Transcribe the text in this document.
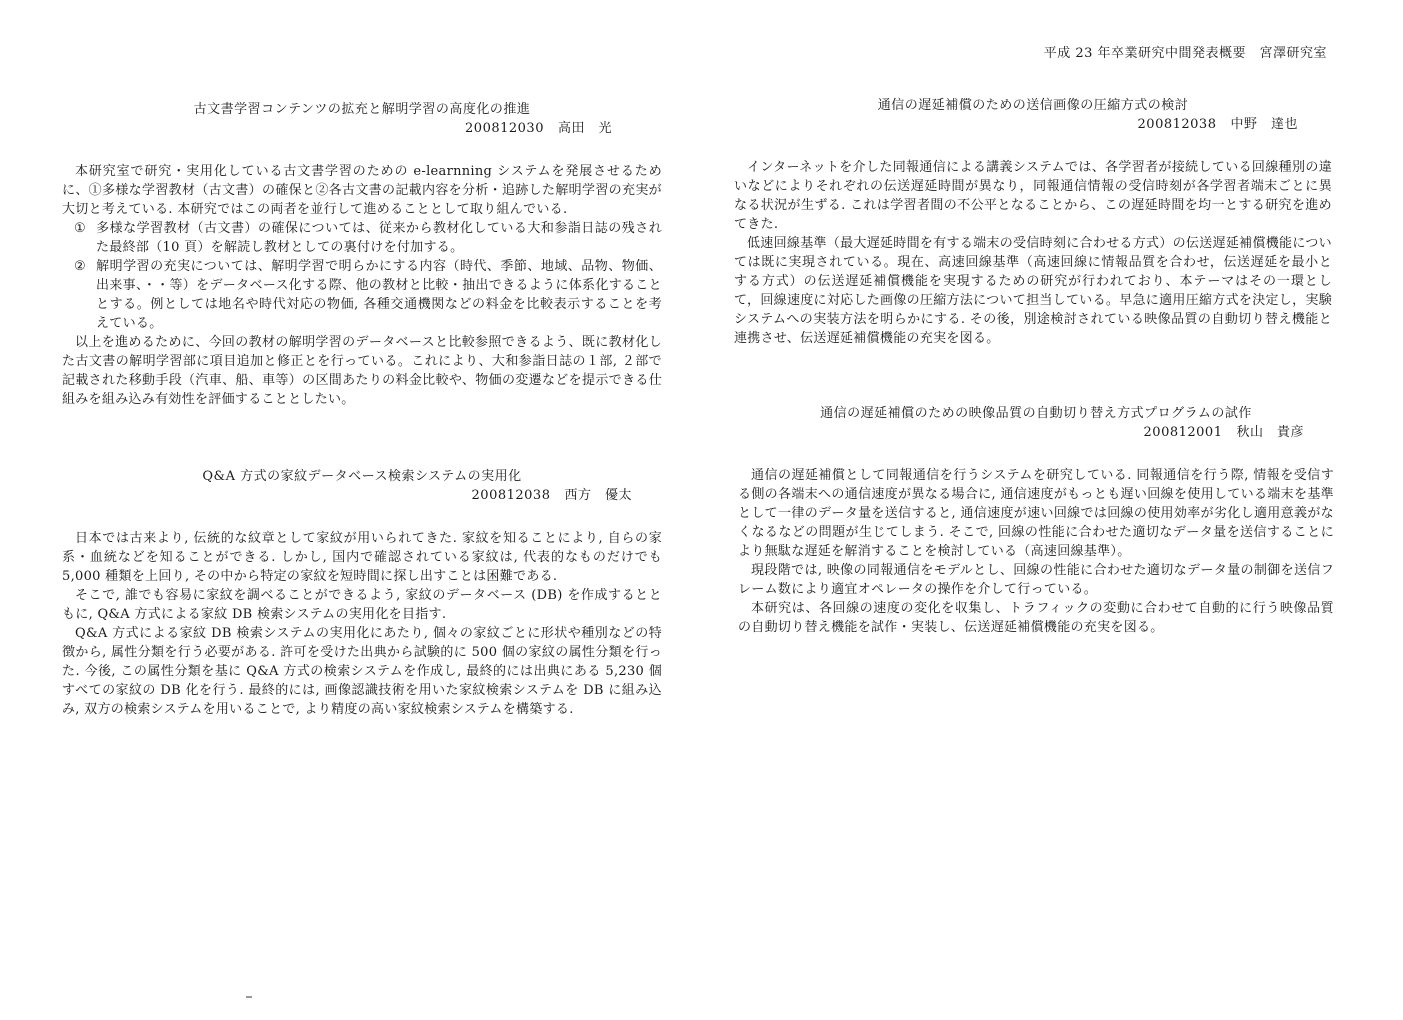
平成 23 年卒業研究中間発表概要　宮澤研究室
古文書学習コンテンツの拡充と解明学習の高度化の推進
200812030 高田　光

本研究室で研究・実用化している古文書学習のための e-learnning システムを発展させるために、①多様な学習教材（古文書）の確保と②各古文書の記載内容を分析・追跡した解明学習の充実が大切と考えている. 本研究ではこの両者を並行して進めることとして取り組んでいる.

① 多様な学習教材（古文書）の確保については、従来から教材化している大和参詣日誌の残された最終部（10 頁）を解読し教材としての裏付けを付加する。
② 解明学習の充実については、解明学習で明らかにする内容（時代、季節、地域、品物、物価、出来事、・・等）をデータベース化する際、他の教材と比較・抽出できるように体系化することとする。例としては地名や時代対応の物価, 各種交通機関などの料金を比較表示することを考えている。

以上を進めるために、今回の教材の解明学習のデータベースと比較参照できるよう、既に教材化した古文書の解明学習部に項目追加と修正とを行っている。これにより、大和参詣日誌の１部, ２部で記載された移動手段（汽車、船、車等）の区間あたりの料金比較や、物価の変遷などを提示できる仕組みを組み込み有効性を評価することとしたい。

Q&A 方式の家紋データベース検索システムの実用化
200812038 西方　優太

日本では古来より, 伝統的な紋章として家紋が用いられてきた. 家紋を知ることにより, 自らの家系・血統などを知ることができる. しかし, 国内で確認されている家紋は, 代表的なものだけでも 5,000 種類を上回り, その中から特定の家紋を短時間に探し出すことは困難である.

そこで, 誰でも容易に家紋を調べることができるよう, 家紋のデータベース (DB) を作成するとともに, Q&A 方式による家紋 DB 検索システムの実用化を目指す.

Q&A 方式による家紋 DB 検索システムの実用化にあたり, 個々の家紋ごとに形状や種別などの特徴から, 属性分類を行う必要がある. 許可を受けた出典から試験的に 500 個の家紋の属性分類を行った. 今後, この属性分類を基に Q&A 方式の検索システムを作成し, 最終的には出典にある 5,230 個すべての家紋の DB 化を行う. 最終的には, 画像認識技術を用いた家紋検索システムを DB に組み込み, 双方の検索システムを用いることで, より精度の高い家紋検索システムを構築する.

通信の遅延補償のための送信画像の圧縮方式の検討
200812038 中野　達也

インターネットを介した同報通信による講義システムでは、各学習者が接続している回線種別の違いなどによりそれぞれの伝送遅延時間が異なり，同報通信情報の受信時刻が各学習者端末ごとに異なる状況が生ずる. これは学習者間の不公平となることから、この遅延時間を均一とする研究を進めてきた.

低速回線基準（最大遅延時間を有する端末の受信時刻に合わせる方式）の伝送遅延補償機能については既に実現されている。現在、高速回線基準（高速回線に情報品質を合わせ，伝送遅延を最小とする方式）の伝送遅延補償機能を実現するための研究が行われており、本テーマはその一環として，回線速度に対応した画像の圧縮方法について担当している。早急に適用圧縮方式を決定し，実験システムへの実装方法を明らかにする. その後，別途検討されている映像品質の自動切り替え機能と連携させ、伝送遅延補償機能の充実を図る。

通信の遅延補償のための映像品質の自動切り替え方式プログラムの試作
200812001 秋山　貴彦

通信の遅延補償として同報通信を行うシステムを研究している. 同報通信を行う際, 情報を受信する側の各端末への通信速度が異なる場合に, 通信速度がもっとも遅い回線を使用している端末を基準として一律のデータ量を送信すると, 通信速度が速い回線では回線の使用効率が劣化し適用意義がなくなるなどの問題が生じてしまう. そこで, 回線の性能に合わせた適切なデータ量を送信することにより無駄な遅延を解消することを検討している（高速回線基準）。

現段階では, 映像の同報通信をモデルとし、回線の性能に合わせた適切なデータ量の制御を送信フレーム数により適宜オペレータの操作を介して行っている。

本研究は、各回線の速度の変化を収集し、トラフィックの変動に合わせて自動的に行う映像品質の自動切り替え機能を試作・実装し、伝送遅延補償機能の充実を図る。
